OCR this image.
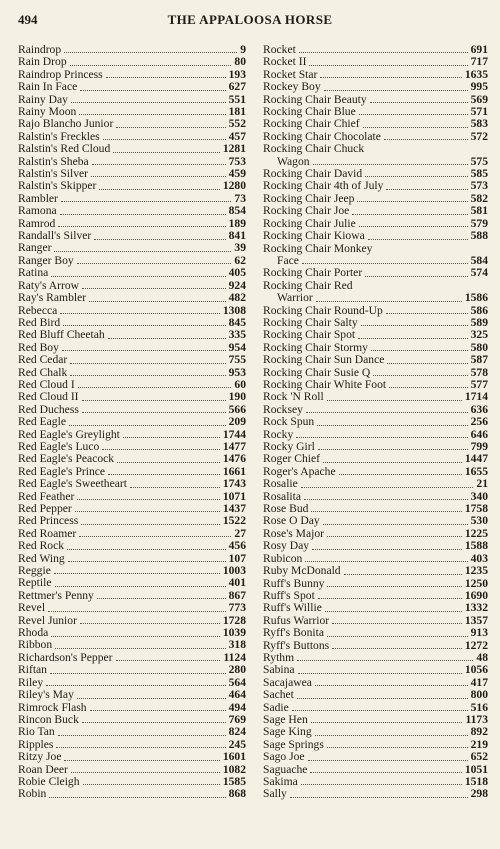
494	THE APPALOOSA HORSE
Raindrop	9
Rain Drop	80
Raindrop Princess	193
Rain In Face	627
Rainy Day	551
Rainy Moon	181
Rajo Blancho Junior	552
Ralstin's Freckles	457
Ralstin's Red Cloud	1281
Ralstin's Sheba	753
Ralstin's Silver	459
Ralstin's Skipper	1280
Rambler	73
Ramona	854
Ramrod	189
Randall's Silver	841
Ranger	39
Ranger Boy	62
Ratina	405
Raty's Arrow	924
Ray's Rambler	482
Rebecca	1308
Red Bird	845
Red Bluff Cheetah	335
Red Boy	954
Red Cedar	755
Red Chalk	953
Red Cloud I	60
Red Cloud II	190
Red Duchess	566
Red Eagle	209
Red Eagle's Greylight	1744
Red Eagle's Luco	1477
Red Eagle's Peacock	1476
Red Eagle's Prince	1661
Red Eagle's Sweetheart	1743
Red Feather	1071
Red Pepper	1437
Red Princess	1522
Red Roamer	27
Red Rock	456
Red Wing	107
Reggie	1003
Reptile	401
Rettmer's Penny	867
Revel	773
Revel Junior	1728
Rhoda	1039
Ribbon	318
Richardson's Pepper	1124
Riftan	280
Riley	564
Riley's May	464
Rimrock Flash	494
Rincon Buck	769
Rio Tan	824
Ripples	245
Ritzy Joe	1601
Roan Deer	1082
Robie Cleigh	1585
Robin	868
Rocket	691
Rocket II	717
Rocket Star	1635
Rockey Boy	995
Rocking Chair Beauty	569
Rocking Chair Blue	571
Rocking Chair Chief	583
Rocking Chair Chocolate	572
Rocking Chair Chuck
Wagon	575
Rocking Chair David	585
Rocking Chair 4th of July	573
Rocking Chair Jeep	582
Rocking Chair Joe	581
Rocking Chair Julie	579
Rocking Chair Kiowa	588
Rocking Chair Monkey
Face	584
Rocking Chair Porter	574
Rocking Chair Red
Warrior	1586
Rocking Chair Round-Up	586
Rocking Chair Salty	589
Rocking Chair Spot	325
Rocking Chair Stormy	580
Rocking Chair Sun Dance	587
Rocking Chair Susie Q	578
Rocking Chair White Foot	577
Rock 'N Roll	1714
Rocksey	636
Rock Spun	256
Rocky	646
Rocky Girl	799
Roger Chief	1447
Roger's Apache	1655
Rosalie	21
Rosalita	340
Rose Bud	1758
Rose O Day	530
Rose's Major	1225
Rosy Day	1588
Rubicon	403
Ruby McDonald	1235
Ruff's Bunny	1250
Ruff's Spot	1690
Ruff's Willie	1332
Rufus Warrior	1357
Ryff's Bonita	913
Ryff's Buttons	1272
Rythm	48
Sabina	1056
Sacajawea	417
Sachet	800
Sadie	516
Sage Hen	1173
Sage King	892
Sage Springs	219
Sago Joe	652
Saguache	1051
Sakima	1518
Sally	298
